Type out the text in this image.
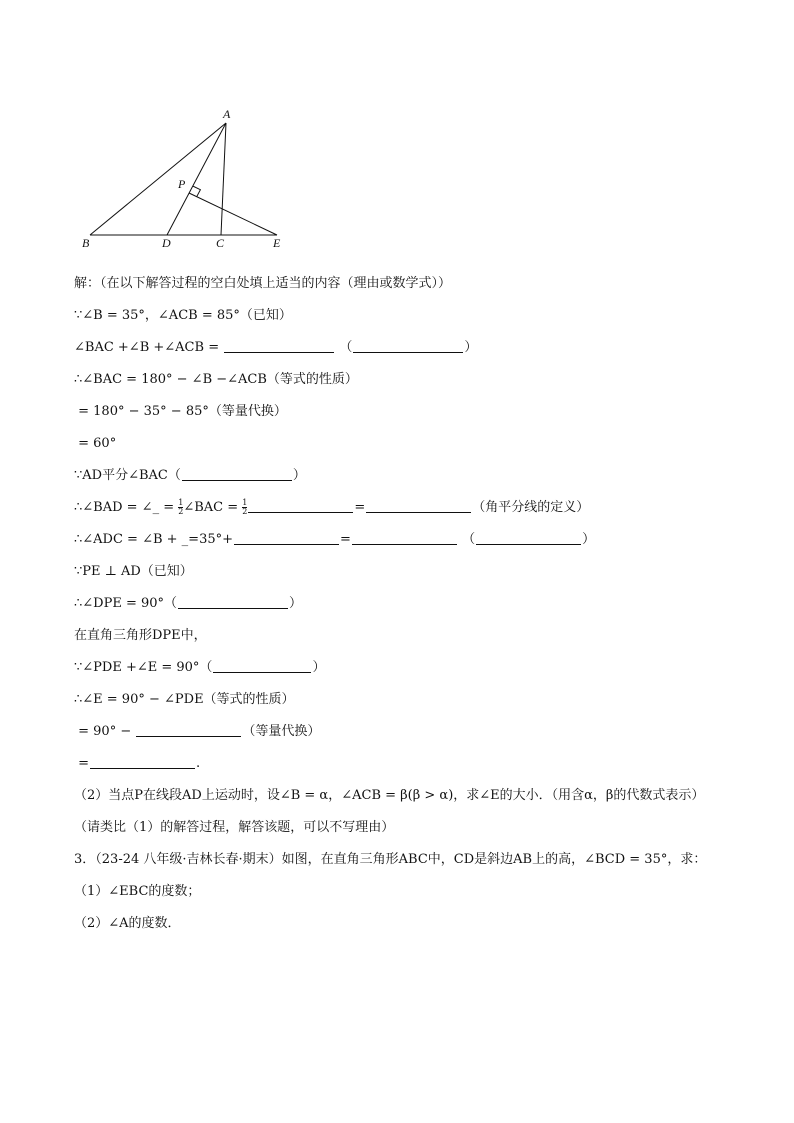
A
P
B	D	C	E
解：（在以下解答过程的空白处填上适当的内容（理由或数学式））
∵∠B = 35°，∠ACB = 85°（已知）
∠BAC +∠B +∠ACB =	（	）
∴∠BAC = 180° − ∠B −∠ACB（等式的性质）
= 180° − 35° − 85°（等量代换）
= 60°
∵AD平分∠BAC（	）
∴∠BAD = ∠_ = $\frac{1}{2}$ ∠BAC = $\frac{1}{2}$	=	（角平分线的定义）
∴∠ADC = ∠B + _=35°+	=	（	）
∵PE ⊥ AD（已知）
∴∠DPE = 90°（	）
在直角三角形DPE中，
∵∠PDE +∠E = 90°（	）
∴∠E = 90° − ∠PDE（等式的性质）
= 90° −	（等量代换）
=	.
（2）当点P在线段AD上运动时，设∠B = α，∠ACB = β(β > α)，求∠E的大小．（用含α，β的代数式表示）
（请类比（1）的解答过程，解答该题，可以不写理由）
3．（23-24 八年级·吉林长春·期末）如图，在直角三角形ABC中，CD是斜边AB上的高，∠BCD = 35°，求：
（1）∠EBC的度数；
（2）∠A的度数．
